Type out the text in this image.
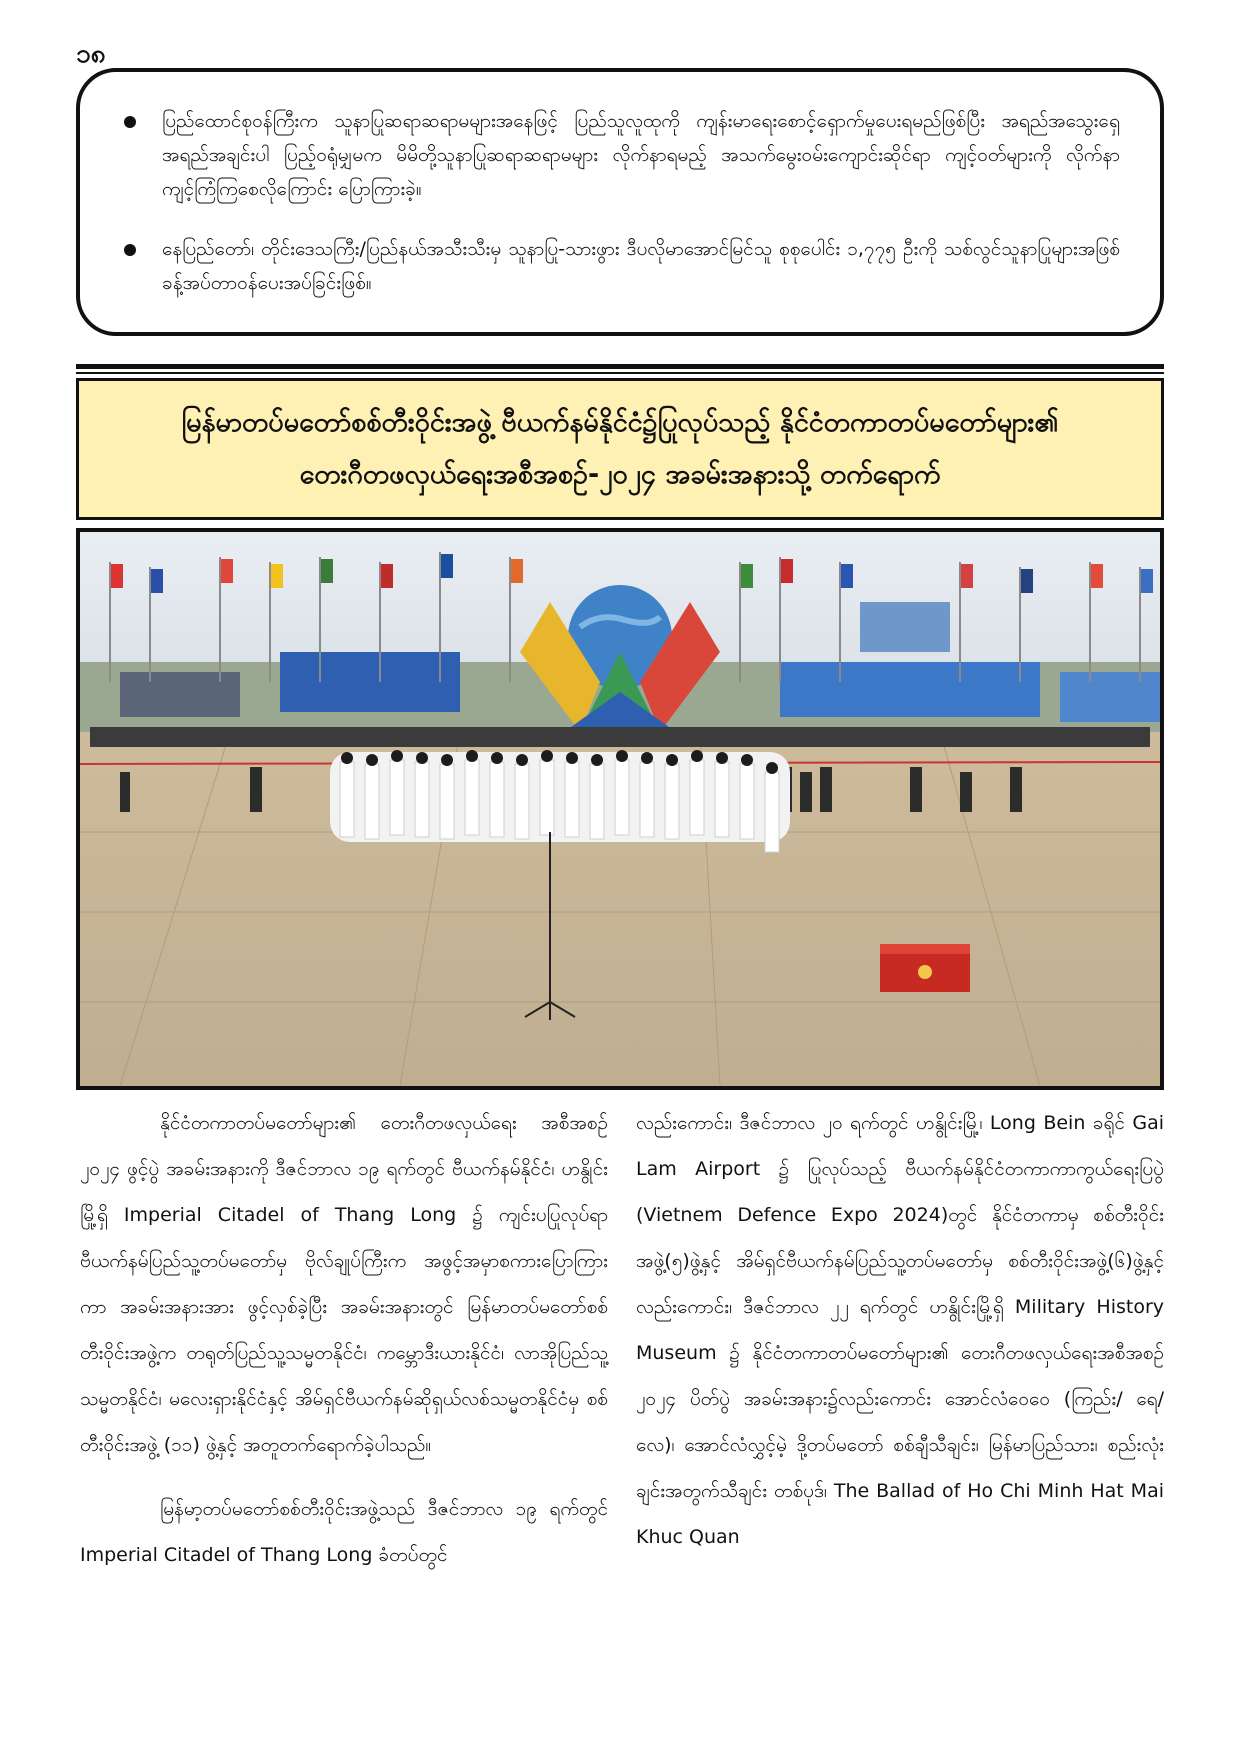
၁၈
ပြည်ထောင်စုဝန်ကြီးက သူနာပြုဆရာဆရာမများအနေဖြင့် ပြည်သူလူထုကို ကျန်းမာရေးစောင့်ရှောက်မှုပေးရမည်ဖြစ်ပြီး အရည်အသွေးရှေ အရည်အချင်းပါ ပြည့်ဝရုံမျှမက မိမိတို့သူနာပြုဆရာဆရာမများ လိုက်နာရမည့် အသက်မွေးဝမ်းကျောင်းဆိုင်ရာ ကျင့်ဝတ်များကို လိုက်နာကျင့်ကြံကြစေလိုကြောင်း ပြောကြားခဲ့။
နေပြည်တော်၊ တိုင်းဒေသကြီး/ပြည်နယ်အသီးသီးမှ သူနာပြု-သားဖွား ဒီပလိုမာအောင်မြင်သူ စုစုပေါင်း ၁,၇၇၅ ဦးကို သစ်လွင်သူနာပြုများအဖြစ် ခန့်အပ်တာဝန်ပေးအပ်ခြင်းဖြစ်။
မြန်မာတပ်မတော်စစ်တီးဝိုင်းအဖွဲ့ ဗီယက်နမ်နိုင်ငံ၌ပြုလုပ်သည့် နိုင်ငံတကာတပ်မတော်များ၏
တေးဂီတဖလှယ်ရေးအစီအစဉ်-၂၀၂၄ အခမ်းအနားသို့ တက်ရောက်

နိုင်ငံတကာတပ်မတော်များ၏ တေးဂီတဖလှယ်ရေး အစီအစဉ် ၂၀၂၄ ဖွင့်ပွဲ အခမ်းအနားကို ဒီဇင်ဘာလ ၁၉ ရက်တွင် ဗီယက်နမ်နိုင်ငံ၊ ဟနွိုင်းမြို့ရှိ Imperial Citadel of Thang Long ၌ ကျင်းပပြုလုပ်ရာ ဗီယက်နမ်ပြည်သူ့တပ်မတော်မှ ဗိုလ်ချုပ်ကြီးက အဖွင့်အမှာစကားပြောကြားကာ အခမ်းအနားအား ဖွင့်လှစ်ခဲ့ပြီး အခမ်းအနားတွင် မြန်မာတပ်မတော်စစ်တီးဝိုင်းအဖွဲ့က တရုတ်ပြည်သူ့သမ္မတနိုင်ငံ၊ ကမ္ဘောဒီးယားနိုင်ငံ၊ လာအိုပြည်သူ့သမ္မတနိုင်ငံ၊ မလေးရှားနိုင်ငံနှင့် အိမ်ရှင်ဗီယက်နမ်ဆိုရှယ်လစ်သမ္မတနိုင်ငံမှ စစ်တီးဝိုင်းအဖွဲ့ (၁၁) ဖွဲ့နှင့် အတူတက်ရောက်ခဲ့ပါသည်။

မြန်မာ့တပ်မတော်စစ်တီးဝိုင်းအဖွဲ့သည် ဒီဇင်ဘာလ ၁၉ ရက်တွင် Imperial Citadel of Thang Long ခံတပ်တွင်

လည်းကောင်း၊ ဒီဇင်ဘာလ ၂၀ ရက်တွင် ဟနွိုင်းမြို့၊ Long Bein ခရိုင် Gai Lam Airport ၌ ပြုလုပ်သည့် ဗီယက်နမ်နိုင်ငံတကာကာကွယ်ရေးပြပွဲ (Vietnem Defence Expo 2024)တွင် နိုင်ငံတကာမှ စစ်တီးဝိုင်းအဖွဲ့(၅)ဖွဲ့နှင့် အိမ်ရှင်ဗီယက်နမ်ပြည်သူ့တပ်မတော်မှ စစ်တီးဝိုင်းအဖွဲ့(၆)ဖွဲ့နှင့်လည်းကောင်း၊ ဒီဇင်ဘာလ ၂၂ ရက်တွင် ဟနွိုင်းမြို့ရှိ Military History Museum ၌ နိုင်ငံတကာတပ်မတော်များ၏ တေးဂီတဖလှယ်ရေးအစီအစဉ် ၂၀၂၄ ပိတ်ပွဲ အခမ်းအနား၌လည်းကောင်း အောင်လံဝေဝေ (ကြည်း/ ရေ/ လေ)၊ အောင်လံလွှင့်မဲ့ ဒို့တပ်မတော် စစ်ချီသီချင်း၊ မြန်မာပြည်သား၊ စည်းလုံးချင်းအတွက်သီချင်း တစ်ပုဒ်၊ The Ballad of Ho Chi Minh Hat Mai Khuc Quan
